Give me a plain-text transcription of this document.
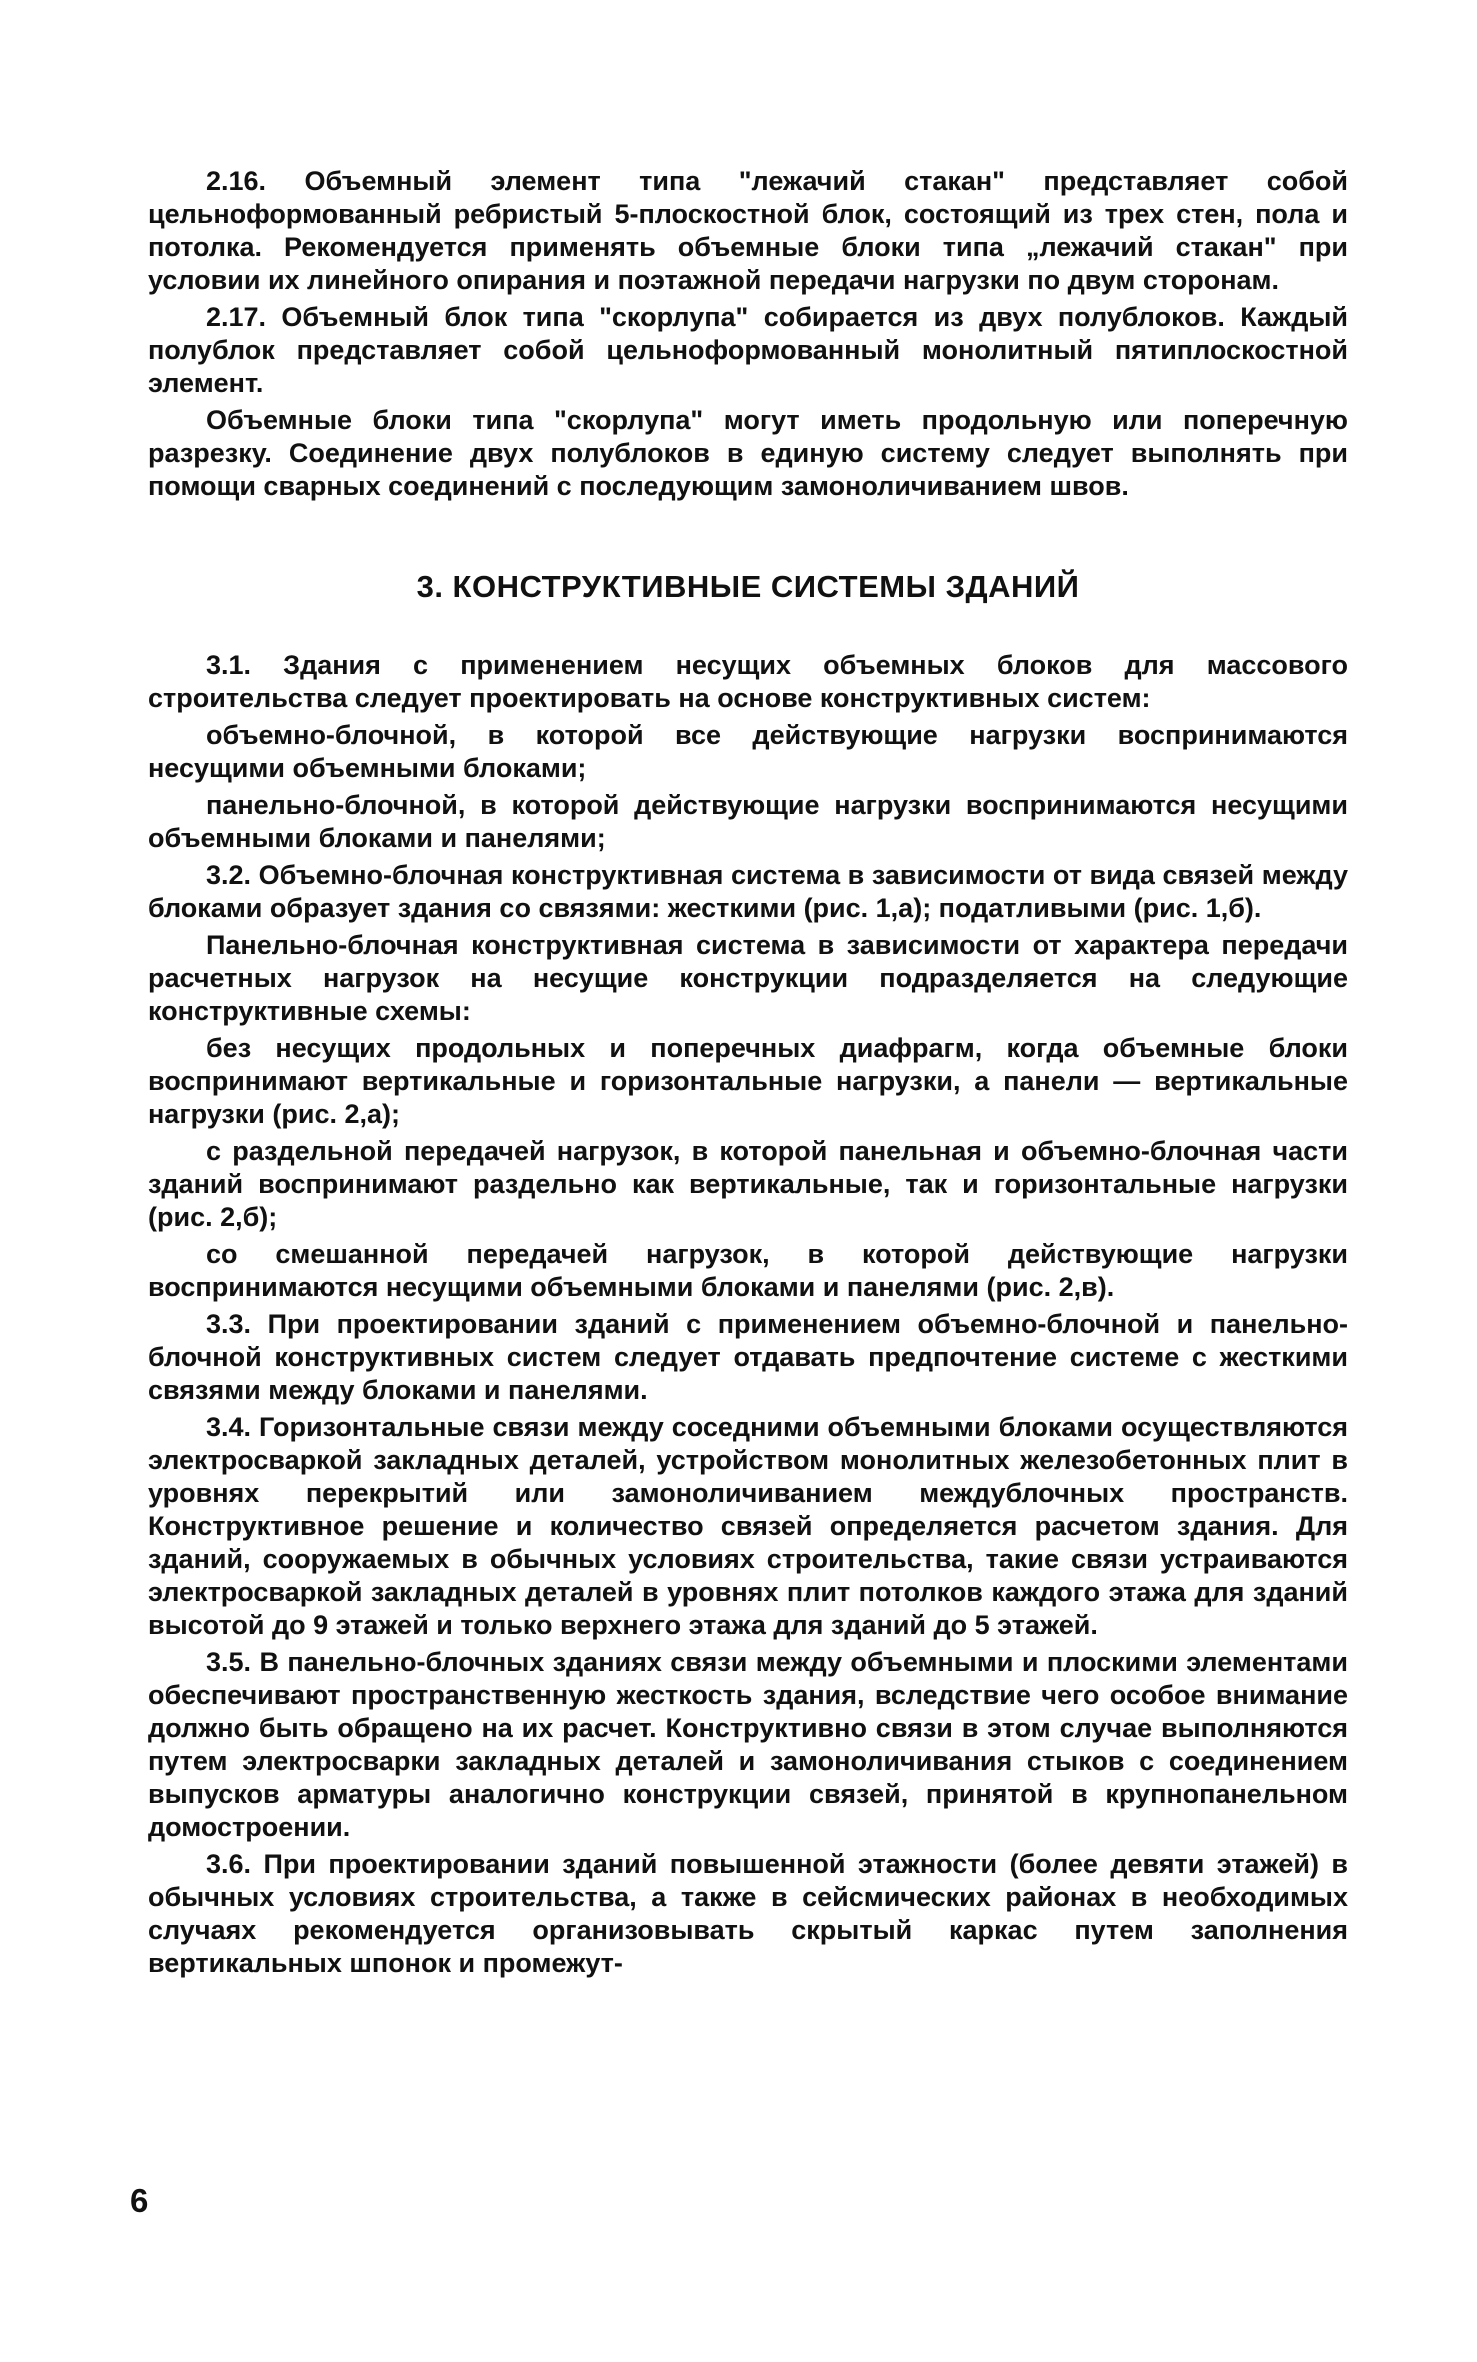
2.16. Объемный элемент типа "лежачий стакан" представляет собой цельноформованный ребристый 5-плоскостной блок, состоящий из трех стен, пола и потолка. Рекомендуется применять объемные блоки типа „лежачий стакан" при условии их линейного опирания и поэтажной передачи нагрузки по двум сторонам.

2.17. Объемный блок типа "скорлупа" собирается из двух полублоков. Каждый полублок представляет собой цельноформованный монолитный пятиплоскостной элемент.

Объемные блоки типа "скорлупа" могут иметь продольную или поперечную разрезку. Соединение двух полублоков в единую систему следует выполнять при помощи сварных соединений с последующим замоноличиванием швов.

3. КОНСТРУКТИВНЫЕ СИСТЕМЫ ЗДАНИЙ

3.1. Здания с применением несущих объемных блоков для массового строительства следует проектировать на основе конструктивных систем:

объемно-блочной, в которой все действующие нагрузки воспринимаются несущими объемными блоками;

панельно-блочной, в которой действующие нагрузки воспринимаются несущими объемными блоками и панелями;

3.2. Объемно-блочная конструктивная система в зависимости от вида связей между блоками образует здания со связями: жесткими (рис. 1,а); податливыми (рис. 1,б).

Панельно-блочная конструктивная система в зависимости от характера передачи расчетных нагрузок на несущие конструкции подразделяется на следующие конструктивные схемы:

без несущих продольных и поперечных диафрагм, когда объемные блоки воспринимают вертикальные и горизонтальные нагрузки, а панели — вертикальные нагрузки (рис. 2,а);

с раздельной передачей нагрузок, в которой панельная и объемно-блочная части зданий воспринимают раздельно как вертикальные, так и горизонтальные нагрузки (рис. 2,б);

со смешанной передачей нагрузок, в которой действующие нагрузки воспринимаются несущими объемными блоками и панелями (рис. 2,в).

3.3. При проектировании зданий с применением объемно-блочной и панельно-блочной конструктивных систем следует отдавать предпочтение системе с жесткими связями между блоками и панелями.

3.4. Горизонтальные связи между соседними объемными блоками осуществляются электросваркой закладных деталей, устройством монолитных железобетонных плит в уровнях перекрытий или замоноличиванием междублочных пространств. Конструктивное решение и количество связей определяется расчетом здания. Для зданий, сооружаемых в обычных условиях строительства, такие связи устраиваются электросваркой закладных деталей в уровнях плит потолков каждого этажа для зданий высотой до 9 этажей и только верхнего этажа для зданий до 5 этажей.

3.5. В панельно-блочных зданиях связи между объемными и плоскими элементами обеспечивают пространственную жесткость здания, вследствие чего особое внимание должно быть обращено на их расчет. Конструктивно связи в этом случае выполняются путем электросварки закладных деталей и замоноличивания стыков с соединением выпусков арматуры аналогично конструкции связей, принятой в крупнопанельном домостроении.

3.6. При проектировании зданий повышенной этажности (более девяти этажей) в обычных условиях строительства, а также в сейсмических районах в необходимых случаях рекомендуется организовывать скрытый каркас путем заполнения вертикальных шпонок и промежут-

6
